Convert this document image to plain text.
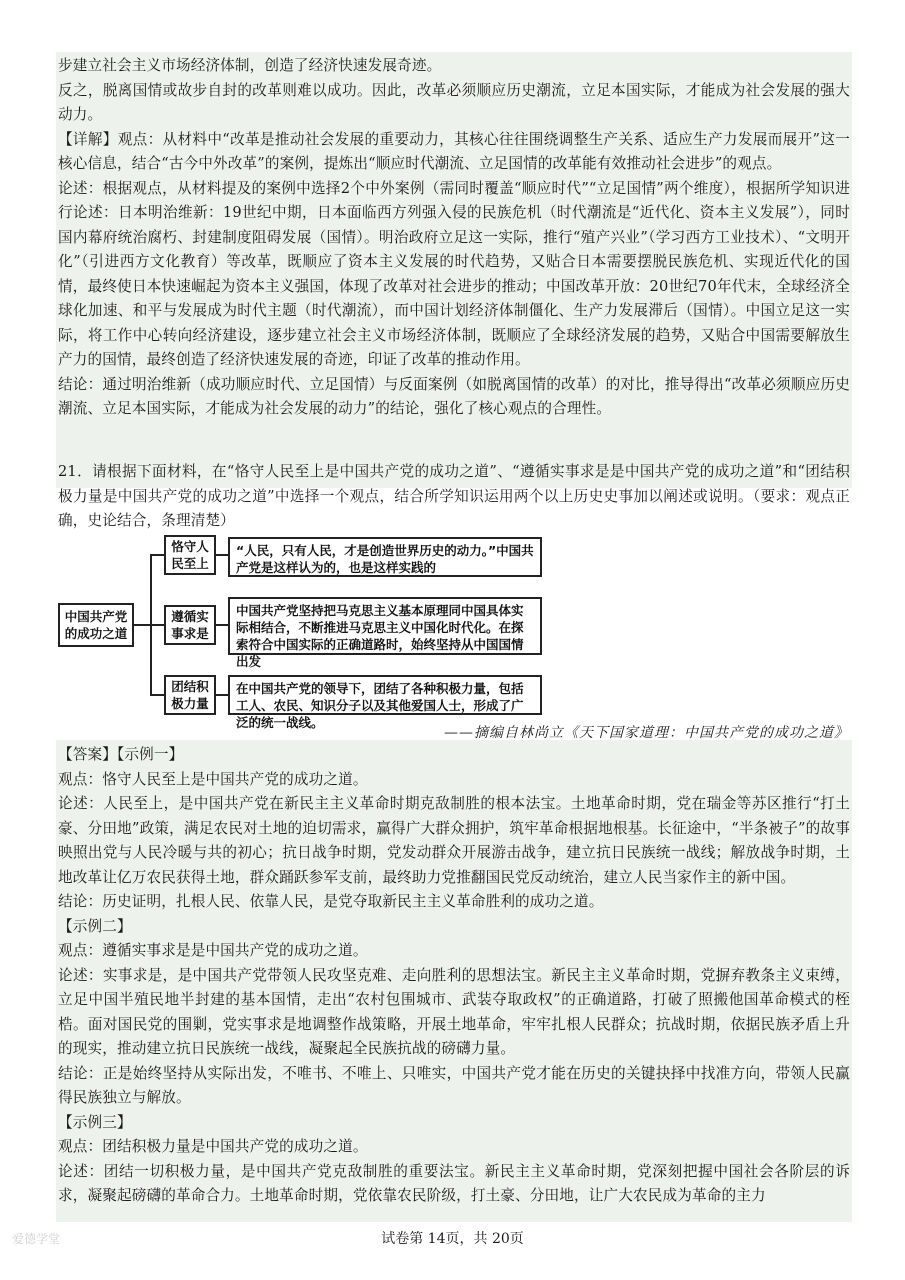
步建立社会主义市场经济体制，创造了经济快速发展奇迹。

反之，脱离国情或故步自封的改革则难以成功。因此，改革必须顺应历史潮流，立足本国实际，才能成为社会发展的强大动力。

【详解】观点：从材料中“改革是推动社会发展的重要动力，其核心往往围绕调整生产关系、适应生产力发展而展开”这一核心信息，结合“古今中外改革”的案例，提炼出“顺应时代潮流、立足国情的改革能有效推动社会进步”的观点。

论述：根据观点，从材料提及的案例中选择2个中外案例（需同时覆盖“顺应时代”“立足国情”两个维度），根据所学知识进行论述：日本明治维新：19世纪中期，日本面临西方列强入侵的民族危机（时代潮流是“近代化、资本主义发展”），同时国内幕府统治腐朽、封建制度阻碍发展（国情）。明治政府立足这一实际，推行“殖产兴业”（学习西方工业技术）、“文明开化”（引进西方文化教育）等改革，既顺应了资本主义发展的时代趋势，又贴合日本需要摆脱民族危机、实现近代化的国情，最终使日本快速崛起为资本主义强国，体现了改革对社会进步的推动；中国改革开放：20世纪70年代末，全球经济全球化加速、和平与发展成为时代主题（时代潮流），而中国计划经济体制僵化、生产力发展滞后（国情）。中国立足这一实际，将工作中心转向经济建设，逐步建立社会主义市场经济体制，既顺应了全球经济发展的趋势，又贴合中国需要解放生产力的国情，最终创造了经济快速发展的奇迹，印证了改革的推动作用。

结论：通过明治维新（成功顺应时代、立足国情）与反面案例（如脱离国情的改革）的对比，推导得出“改革必须顺应历史潮流、立足本国实际，才能成为社会发展的动力”的结论，强化了核心观点的合理性。

21．请根据下面材料，在“恪守人民至上是中国共产党的成功之道”、“遵循实事求是是中国共产党的成功之道”和“团结积极力量是中国共产党的成功之道”中选择一个观点，结合所学知识运用两个以上历史史事加以阐述或说明。（要求：观点正确，史论结合，条理清楚）

中国共产党的成功之道
恪守人民至上
遵循实事求是
团结积极力量
“人民，只有人民，才是创造世界历史的动力。”中国共产党是这样认为的，也是这样实践的
中国共产党坚持把马克思主义基本原理同中国具体实际相结合，不断推进马克思主义中国化时代化。在探索符合中国实际的正确道路时，始终坚持从中国国情出发
在中国共产党的领导下，团结了各种积极力量，包括工人、农民、知识分子以及其他爱国人士，形成了广泛的统一战线。
——摘编自林尚立《天下国家道理：中国共产党的成功之道》

【答案】【示例一】

观点：恪守人民至上是中国共产党的成功之道。

论述：人民至上，是中国共产党在新民主主义革命时期克敌制胜的根本法宝。土地革命时期，党在瑞金等苏区推行“打土豪、分田地”政策，满足农民对土地的迫切需求，赢得广大群众拥护，筑牢革命根据地根基。长征途中，“半条被子”的故事映照出党与人民冷暖与共的初心；抗日战争时期，党发动群众开展游击战争，建立抗日民族统一战线；解放战争时期，土地改革让亿万农民获得土地，群众踊跃参军支前，最终助力党推翻国民党反动统治，建立人民当家作主的新中国。

结论：历史证明，扎根人民、依靠人民，是党夺取新民主主义革命胜利的成功之道。

【示例二】

观点：遵循实事求是是中国共产党的成功之道。

论述：实事求是，是中国共产党带领人民攻坚克难、走向胜利的思想法宝。新民主主义革命时期，党摒弃教条主义束缚，立足中国半殖民地半封建的基本国情，走出“农村包围城市、武装夺取政权”的正确道路，打破了照搬他国革命模式的桎梏。面对国民党的围剿，党实事求是地调整作战策略，开展土地革命，牢牢扎根人民群众；抗战时期，依据民族矛盾上升的现实，推动建立抗日民族统一战线，凝聚起全民族抗战的磅礴力量。

结论：正是始终坚持从实际出发，不唯书、不唯上、只唯实，中国共产党才能在历史的关键抉择中找准方向，带领人民赢得民族独立与解放。

【示例三】

观点：团结积极力量是中国共产党的成功之道。

论述：团结一切积极力量，是中国共产党克敌制胜的重要法宝。新民主主义革命时期，党深刻把握中国社会各阶层的诉求，凝聚起磅礴的革命合力。土地革命时期，党依靠农民阶级，打土豪、分田地，让广大农民成为革命的主力

爱德学堂	试卷第 14页，共 20页
